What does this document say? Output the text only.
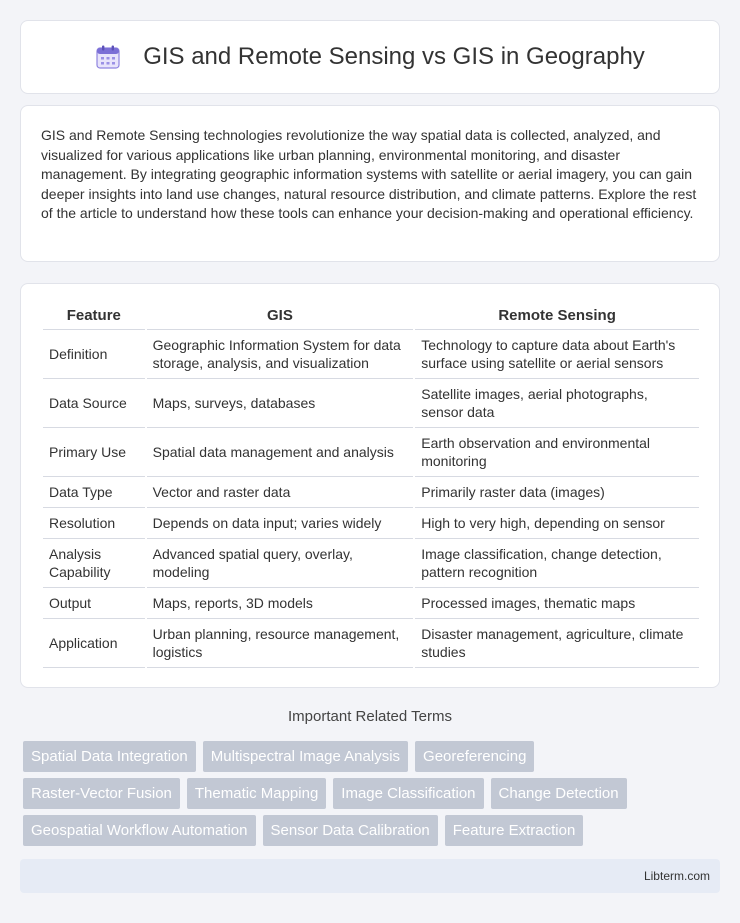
GIS and Remote Sensing vs GIS in Geography

GIS and Remote Sensing technologies revolutionize the way spatial data is collected, analyzed, and visualized for various applications like urban planning, environmental monitoring, and disaster management. By integrating geographic information systems with satellite or aerial imagery, you can gain deeper insights into land use changes, natural resource distribution, and climate patterns. Explore the rest of the article to understand how these tools can enhance your decision-making and operational efficiency.

Feature	GIS	Remote Sensing
Definition	Geographic Information System for data storage, analysis, and visualization	Technology to capture data about Earth's surface using satellite or aerial sensors
Data Source	Maps, surveys, databases	Satellite images, aerial photographs, sensor data
Primary Use	Spatial data management and analysis	Earth observation and environmental monitoring
Data Type	Vector and raster data	Primarily raster data (images)
Resolution	Depends on data input; varies widely	High to very high, depending on sensor
Analysis Capability	Advanced spatial query, overlay, modeling	Image classification, change detection, pattern recognition
Output	Maps, reports, 3D models	Processed images, thematic maps
Application	Urban planning, resource management, logistics	Disaster management, agriculture, climate studies
Important Related Terms
Spatial Data Integration	Multispectral Image Analysis	Georeferencing
Raster-Vector Fusion	Thematic Mapping	Image Classification	Change Detection
Geospatial Workflow Automation	Sensor Data Calibration	Feature Extraction
Libterm.com
